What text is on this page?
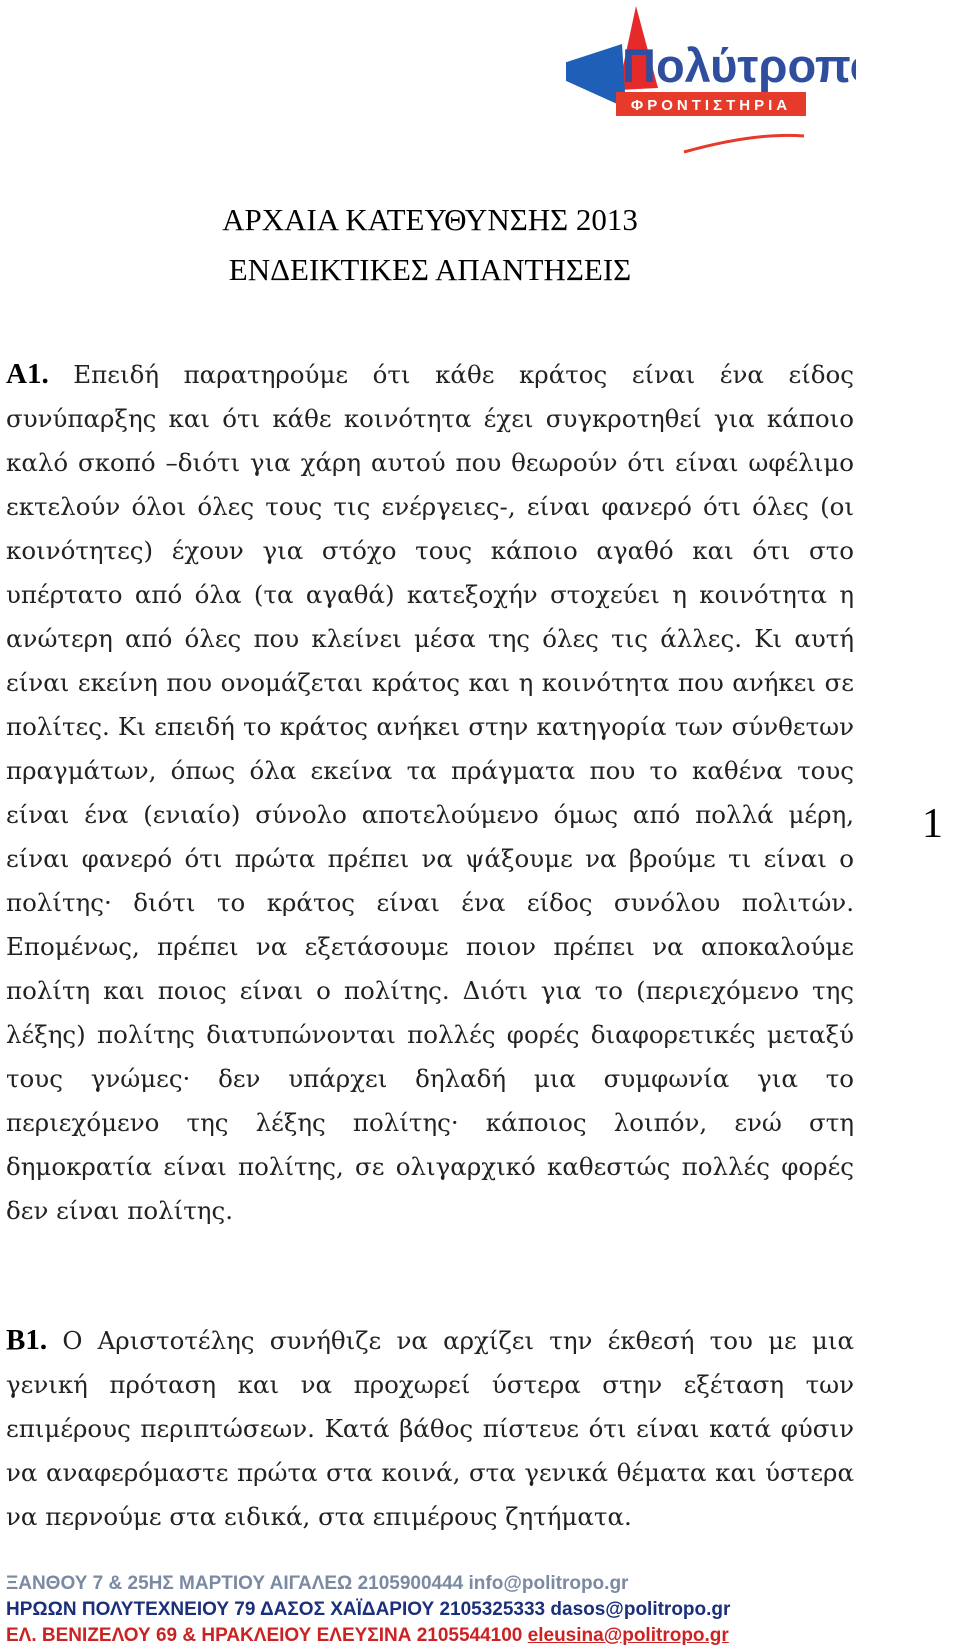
Πολύτροπο
ΦΡΟΝΤΙΣΤΗΡΙΑ
ΑΡΧΑΙΑ ΚΑΤΕΥΘΥΝΣΗΣ 2013
ΕΝΔΕΙΚΤΙΚΕΣ ΑΠΑΝΤΗΣΕΙΣ
Α1. Επειδή παρατηρούμε ότι κάθε κράτος είναι ένα είδος συνύπαρξης και ότι κάθε κοινότητα έχει συγκροτηθεί για κάποιο καλό σκοπό –διότι για χάρη αυτού που θεωρούν ότι είναι ωφέλιμο εκτελούν όλοι όλες τους τις ενέργειες-, είναι φανερό ότι όλες (οι κοινότητες) έχουν για στόχο τους κάποιο αγαθό και ότι στο υπέρτατο από όλα (τα αγαθά) κατεξοχήν στοχεύει η κοινότητα η ανώτερη από όλες που κλείνει μέσα της όλες τις άλλες. Κι αυτή είναι εκείνη που ονομάζεται κράτος και η κοινότητα που ανήκει σε πολίτες. Κι επειδή το κράτος ανήκει στην κατηγορία των σύνθετων πραγμάτων, όπως όλα εκείνα τα πράγματα που το καθένα τους είναι ένα (ενιαίο) σύνολο αποτελούμενο όμως από πολλά μέρη, είναι φανερό ότι πρώτα πρέπει να ψάξουμε να βρούμε τι είναι ο πολίτης· διότι το κράτος είναι ένα είδος συνόλου πολιτών. Επομένως, πρέπει να εξετάσουμε ποιον πρέπει να αποκαλούμε πολίτη και ποιος είναι ο πολίτης. Διότι για το (περιεχόμενο της λέξης) πολίτης διατυπώνονται πολλές φορές διαφορετικές μεταξύ τους γνώμες· δεν υπάρχει δηλαδή μια συμφωνία για το περιεχόμενο της λέξης πολίτης· κάποιος λοιπόν, ενώ στη δημοκρατία είναι πολίτης, σε ολιγαρχικό καθεστώς πολλές φορές δεν είναι πολίτης.
1
Β1. Ο Αριστοτέλης συνήθιζε να αρχίζει την έκθεσή του με μια γενική πρόταση και να προχωρεί ύστερα στην εξέταση των επιμέρους περιπτώσεων. Κατά βάθος πίστευε ότι είναι κατά φύσιν να αναφερόμαστε πρώτα στα κοινά, στα γενικά θέματα και ύστερα να περνούμε στα ειδικά, στα επιμέρους ζητήματα.
ΞΑΝΘΟΥ 7 & 25ΗΣ ΜΑΡΤΙΟΥ ΑΙΓΑΛΕΩ 2105900444 info@politropo.gr
ΗΡΩΩΝ ΠΟΛΥΤΕΧΝΕΙΟΥ 79 ΔΑΣΟΣ ΧΑΪΔΑΡΙΟΥ 2105325333 dasos@politropo.gr
ΕΛ. ΒΕΝΙΖΕΛΟΥ 69 & ΗΡΑΚΛΕΙΟΥ ΕΛΕΥΣΙΝΑ 2105544100 eleusina@politropo.gr
